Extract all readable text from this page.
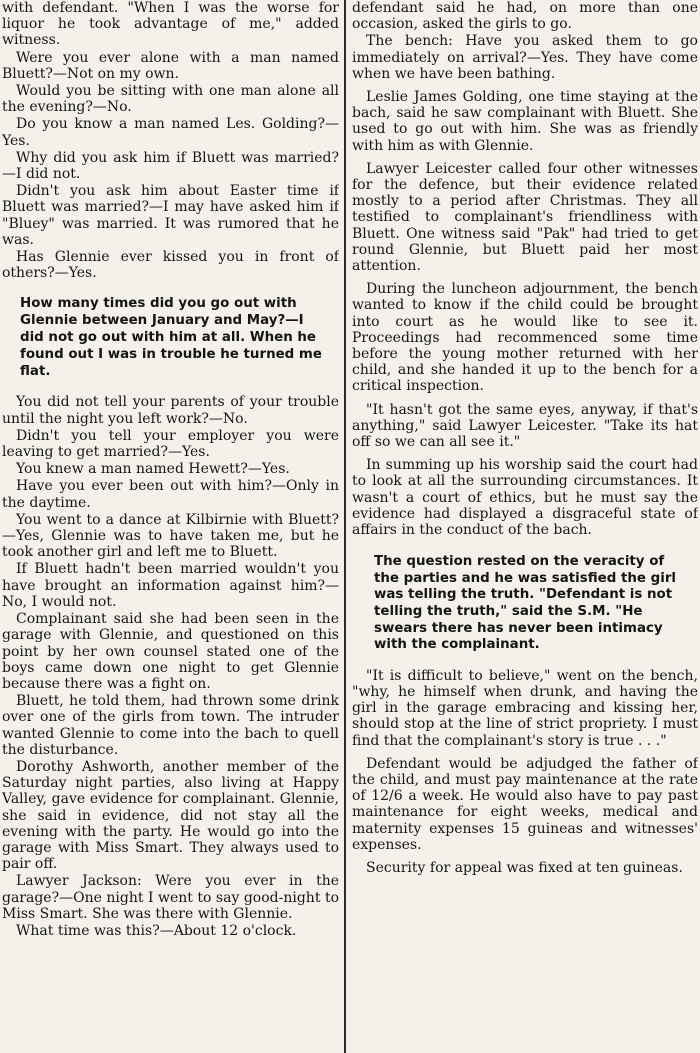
with defendant. "When I was the worse for liquor he took advantage of me," added witness.

Were you ever alone with a man named Bluett?—Not on my own.

Would you be sitting with one man alone all the evening?—No.

Do you know a man named Les. Golding?—Yes.

Why did you ask him if Bluett was married?—I did not.

Didn't you ask him about Easter time if Bluett was married?—I may have asked him if "Bluey" was married. It was rumored that he was.

Has Glennie ever kissed you in front of others?—Yes.

How many times did you go out with Glennie between January and May?—I did not go out with him at all. When he found out I was in trouble he turned me flat.

You did not tell your parents of your trouble until the night you left work?—No.

Didn't you tell your employer you were leaving to get married?—Yes.

You knew a man named Hewett?—Yes.

Have you ever been out with him?—Only in the daytime.

You went to a dance at Kilbirnie with Bluett?—Yes, Glennie was to have taken me, but he took another girl and left me to Bluett.

If Bluett hadn't been married wouldn't you have brought an information against him?—No, I would not.

Complainant said she had been seen in the garage with Glennie, and questioned on this point by her own counsel stated one of the boys came down one night to get Glennie because there was a fight on.

Bluett, he told them, had thrown some drink over one of the girls from town. The intruder wanted Glennie to come into the bach to quell the disturbance.

Dorothy Ashworth, another member of the Saturday night parties, also living at Happy Valley, gave evidence for complainant. Glennie, she said in evidence, did not stay all the evening with the party. He would go into the garage with Miss Smart. They always used to pair off.

Lawyer Jackson: Were you ever in the garage?—One night I went to say good-night to Miss Smart. She was there with Glennie.

What time was this?—About 12 o'clock.

defendant said he had, on more than one occasion, asked the girls to go.

The bench: Have you asked them to go immediately on arrival?—Yes. They have come when we have been bathing.

Leslie James Golding, one time staying at the bach, said he saw complainant with Bluett. She used to go out with him. She was as friendly with him as with Glennie.

Lawyer Leicester called four other witnesses for the defence, but their evidence related mostly to a period after Christmas. They all testified to complainant's friendliness with Bluett. One witness said "Pak" had tried to get round Glennie, but Bluett paid her most attention.

During the luncheon adjournment, the bench wanted to know if the child could be brought into court as he would like to see it. Proceedings had recommenced some time before the young mother returned with her child, and she handed it up to the bench for a critical inspection.

"It hasn't got the same eyes, anyway, if that's anything," said Lawyer Leicester. "Take its hat off so we can all see it."

In summing up his worship said the court had to look at all the surrounding circumstances. It wasn't a court of ethics, but he must say the evidence had displayed a disgraceful state of affairs in the conduct of the bach.

The question rested on the veracity of the parties and he was satisfied the girl was telling the truth. "Defendant is not telling the truth," said the S.M. "He swears there has never been intimacy with the complainant.

"It is difficult to believe," went on the bench, "why, he himself when drunk, and having the girl in the garage embracing and kissing her, should stop at the line of strict propriety. I must find that the complainant's story is true . . ."

Defendant would be adjudged the father of the child, and must pay maintenance at the rate of 12/6 a week. He would also have to pay past maintenance for eight weeks, medical and maternity expenses 15 guineas and witnesses' expenses.

Security for appeal was fixed at ten guineas.
